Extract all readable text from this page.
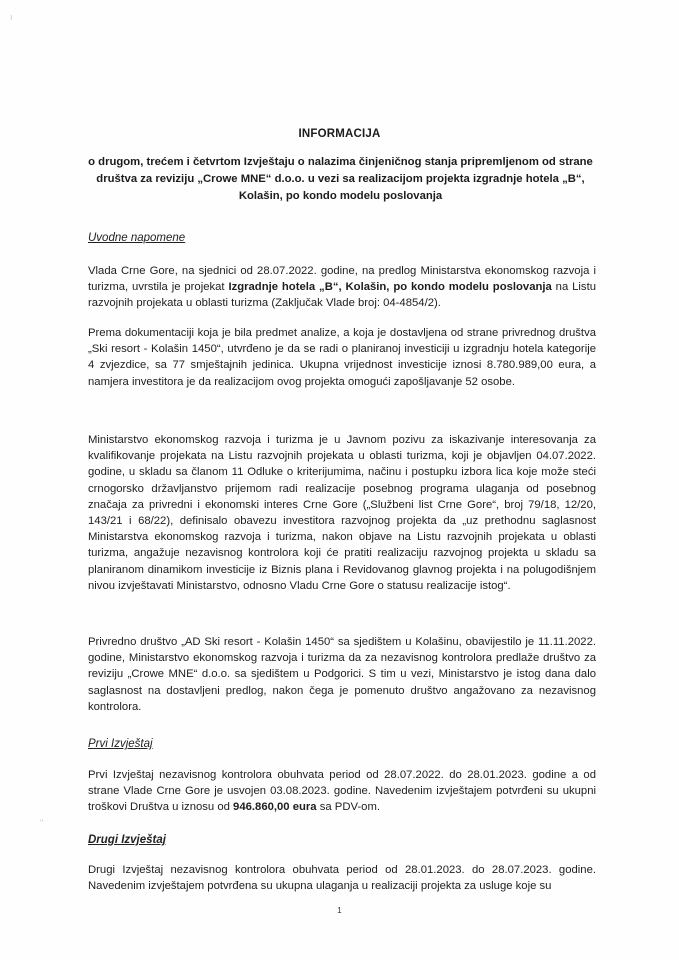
ı
"
INFORMACIJA
o drugom, trećem i četvrtom Izvještaju o nalazima činjeničnog stanja pripremljenom od strane društva za reviziju „Crowe MNE“ d.o.o. u vezi sa realizacijom projekta izgradnje hotela „B“, Kolašin, po kondo modelu poslovanja
Uvodne napomene
Vlada Crne Gore, na sjednici od 28.07.2022. godine, na predlog Ministarstva ekonomskog razvoja i turizma, uvrstila je projekat Izgradnje hotela „B“, Kolašin, po kondo modelu poslovanja na Listu razvojnih projekata u oblasti turizma (Zaključak Vlade broj: 04-4854/2).
Prema dokumentaciji koja je bila predmet analize, a koja je dostavljena od strane privrednog društva „Ski resort - Kolašin 1450“, utvrđeno je da se radi o planiranoj investiciji u izgradnju hotela kategorije 4 zvjezdice, sa 77 smještajnih jedinica. Ukupna vrijednost investicije iznosi 8.780.989,00 eura, a namjera investitora je da realizacijom ovog projekta omogući zapošljavanje 52 osobe.
Ministarstvo ekonomskog razvoja i turizma je u Javnom pozivu za iskazivanje interesovanja za kvalifikovanje projekata na Listu razvojnih projekata u oblasti turizma, koji je objavljen 04.07.2022. godine, u skladu sa članom 11 Odluke o kriterijumima, načinu i postupku izbora lica koje može steći crnogorsko državljanstvo prijemom radi realizacije posebnog programa ulaganja od posebnog značaja za privredni i ekonomski interes Crne Gore („Službeni list Crne Gore“, broj 79/18, 12/20, 143/21 i 68/22), definisalo obavezu investitora razvojnog projekta da „uz prethodnu saglasnost Ministarstva ekonomskog razvoja i turizma, nakon objave na Listu razvojnih projekata u oblasti turizma, angažuje nezavisnog kontrolora koji će pratiti realizaciju razvojnog projekta u skladu sa planiranom dinamikom investicije iz Biznis plana i Revidovanog glavnog projekta i na polugodišnjem nivou izvještavati Ministarstvo, odnosno Vladu Crne Gore o statusu realizacije istog“.
Privredno društvo „AD Ski resort - Kolašin 1450“ sa sjedištem u Kolašinu, obavijestilo je 11.11.2022. godine, Ministarstvo ekonomskog razvoja i turizma da za nezavisnog kontrolora predlaže društvo za reviziju „Crowe MNE“ d.o.o. sa sjedištem u Podgorici. S tim u vezi, Ministarstvo je istog dana dalo saglasnost na dostavljeni predlog, nakon čega je pomenuto društvo angažovano za nezavisnog kontrolora.
Prvi Izvještaj
Prvi Izvještaj nezavisnog kontrolora obuhvata period od 28.07.2022. do 28.01.2023. godine a od strane Vlade Crne Gore je usvojen 03.08.2023. godine. Navedenim izvještajem potvrđeni su ukupni troškovi Društva u iznosu od 946.860,00 eura sa PDV-om.
Drugi Izvještaj
Drugi Izvještaj nezavisnog kontrolora obuhvata period od 28.01.2023. do 28.07.2023. godine. Navedenim izvještajem potvrđena su ukupna ulaganja u realizaciji projekta za usluge koje su
1
